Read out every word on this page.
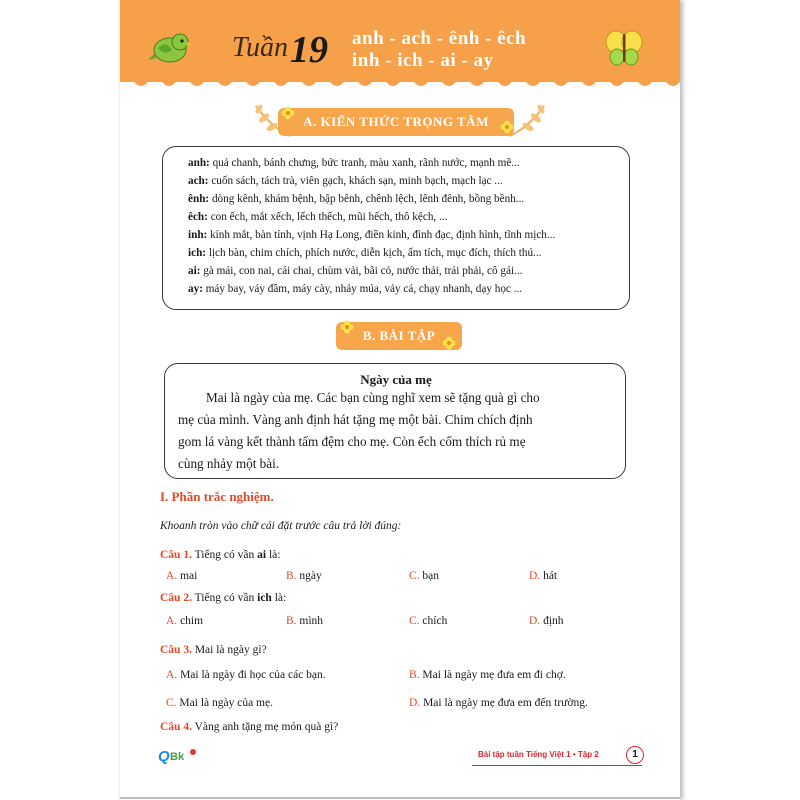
Tuần 19 anh - ach - ênh - êch
inh - ich - ai - ay
A. KIẾN THỨC TRỌNG TÂM
anh: quả chanh, bánh chưng, bức tranh, màu xanh, rãnh nước, mạnh mẽ...
ach: cuốn sách, tách trà, viên gạch, khách sạn, minh bạch, mạch lạc ...
ênh: dòng kênh, khám bệnh, bập bênh, chênh lệch, lênh đênh, bồng bềnh...
êch: con ếch, mắt xếch, lếch thếch, mũi hếch, thô kệch, ...
inh: kính mắt, bàn tính, vịnh Hạ Long, điền kinh, đình đạc, định hình, tĩnh mịch...
ich: lịch bàn, chim chích, phích nước, diễn kịch, ấm tích, mục đích, thích thú...
ai: gà mái, con nai, cái chai, chùm vải, bãi cỏ, nước thải, trái phải, cô gái...
ay: máy bay, váy đầm, máy cày, nhảy múa, vảy cá, chạy nhanh, dạy học ...
B. BÀI TẬP
Ngày của mẹ
Mai là ngày của mẹ. Các bạn cùng nghĩ xem sẽ tặng quà gì cho
mẹ của mình. Vàng anh định hát tặng mẹ một bài. Chim chích định
gom lá vàng kết thành tấm đệm cho mẹ. Còn ếch cốm thích rủ mẹ
cùng nhảy một bài.
I. Phần trắc nghiệm.
Khoanh tròn vào chữ cái đặt trước câu trả lời đúng:
Câu 1. Tiếng có vần ai là:
A. mai	B. ngày	C. bạn	D. hát
Câu 2. Tiếng có vần ich là:
A. chim	B. mình	C. chích	D. định
Câu 3. Mai là ngày gì?
A. Mai là ngày đi học của các bạn.	B. Mai là ngày mẹ đưa em đi chợ.
C. Mai là ngày của mẹ.	D. Mai là ngày mẹ đưa em đến trường.
Câu 4. Vàng anh tặng mẹ món quà gì?
Q Bk	Bài tập tuần Tiếng Việt 1 • Tập 2	1
